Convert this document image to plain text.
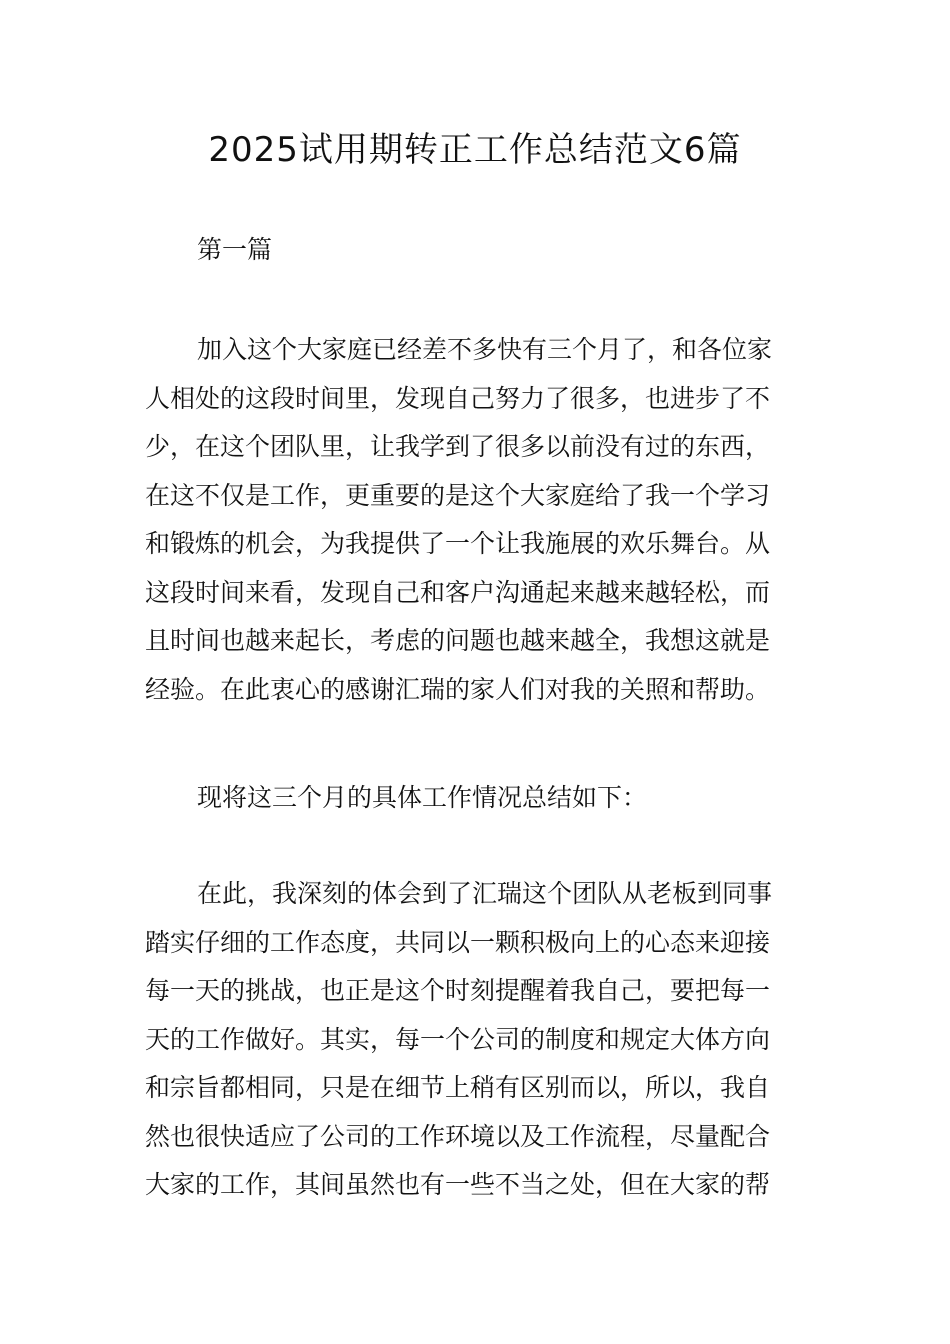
2025试用期转正工作总结范文6篇
第一篇
加入这个大家庭已经差不多快有三个月了，和各位家
人相处的这段时间里，发现自己努力了很多，也进步了不
少，在这个团队里，让我学到了很多以前没有过的东西，
在这不仅是工作，更重要的是这个大家庭给了我一个学习
和锻炼的机会，为我提供了一个让我施展的欢乐舞台。从
这段时间来看，发现自己和客户沟通起来越来越轻松，而
且时间也越来起长，考虑的问题也越来越全，我想这就是
经验。在此衷心的感谢汇瑞的家人们对我的关照和帮助。
现将这三个月的具体工作情况总结如下：
在此，我深刻的体会到了汇瑞这个团队从老板到同事
踏实仔细的工作态度，共同以一颗积极向上的心态来迎接
每一天的挑战，也正是这个时刻提醒着我自己，要把每一
天的工作做好。其实，每一个公司的制度和规定大体方向
和宗旨都相同，只是在细节上稍有区别而以，所以，我自
然也很快适应了公司的工作环境以及工作流程，尽量配合
大家的工作，其间虽然也有一些不当之处，但在大家的帮
